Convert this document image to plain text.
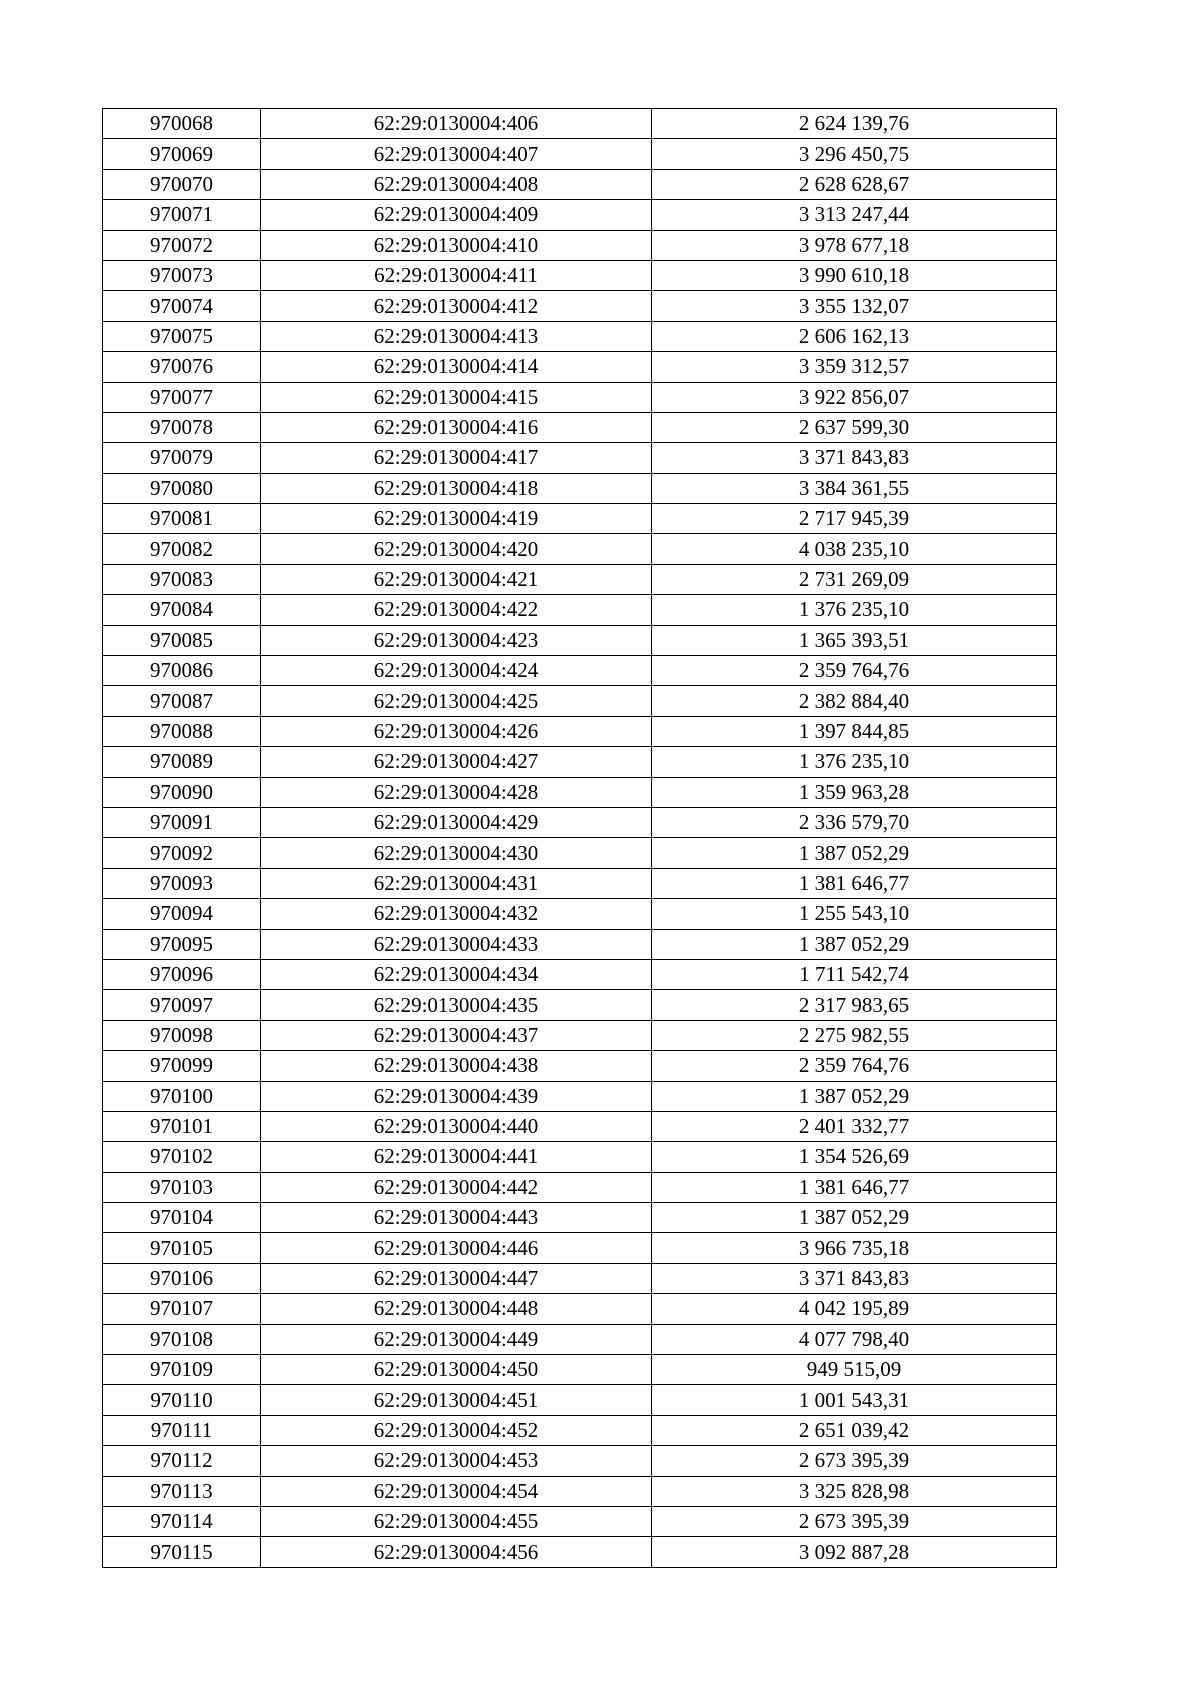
970068	62:29:0130004:406	2 624 139,76
970069	62:29:0130004:407	3 296 450,75
970070	62:29:0130004:408	2 628 628,67
970071	62:29:0130004:409	3 313 247,44
970072	62:29:0130004:410	3 978 677,18
970073	62:29:0130004:411	3 990 610,18
970074	62:29:0130004:412	3 355 132,07
970075	62:29:0130004:413	2 606 162,13
970076	62:29:0130004:414	3 359 312,57
970077	62:29:0130004:415	3 922 856,07
970078	62:29:0130004:416	2 637 599,30
970079	62:29:0130004:417	3 371 843,83
970080	62:29:0130004:418	3 384 361,55
970081	62:29:0130004:419	2 717 945,39
970082	62:29:0130004:420	4 038 235,10
970083	62:29:0130004:421	2 731 269,09
970084	62:29:0130004:422	1 376 235,10
970085	62:29:0130004:423	1 365 393,51
970086	62:29:0130004:424	2 359 764,76
970087	62:29:0130004:425	2 382 884,40
970088	62:29:0130004:426	1 397 844,85
970089	62:29:0130004:427	1 376 235,10
970090	62:29:0130004:428	1 359 963,28
970091	62:29:0130004:429	2 336 579,70
970092	62:29:0130004:430	1 387 052,29
970093	62:29:0130004:431	1 381 646,77
970094	62:29:0130004:432	1 255 543,10
970095	62:29:0130004:433	1 387 052,29
970096	62:29:0130004:434	1 711 542,74
970097	62:29:0130004:435	2 317 983,65
970098	62:29:0130004:437	2 275 982,55
970099	62:29:0130004:438	2 359 764,76
970100	62:29:0130004:439	1 387 052,29
970101	62:29:0130004:440	2 401 332,77
970102	62:29:0130004:441	1 354 526,69
970103	62:29:0130004:442	1 381 646,77
970104	62:29:0130004:443	1 387 052,29
970105	62:29:0130004:446	3 966 735,18
970106	62:29:0130004:447	3 371 843,83
970107	62:29:0130004:448	4 042 195,89
970108	62:29:0130004:449	4 077 798,40
970109	62:29:0130004:450	949 515,09
970110	62:29:0130004:451	1 001 543,31
970111	62:29:0130004:452	2 651 039,42
970112	62:29:0130004:453	2 673 395,39
970113	62:29:0130004:454	3 325 828,98
970114	62:29:0130004:455	2 673 395,39
970115	62:29:0130004:456	3 092 887,28
